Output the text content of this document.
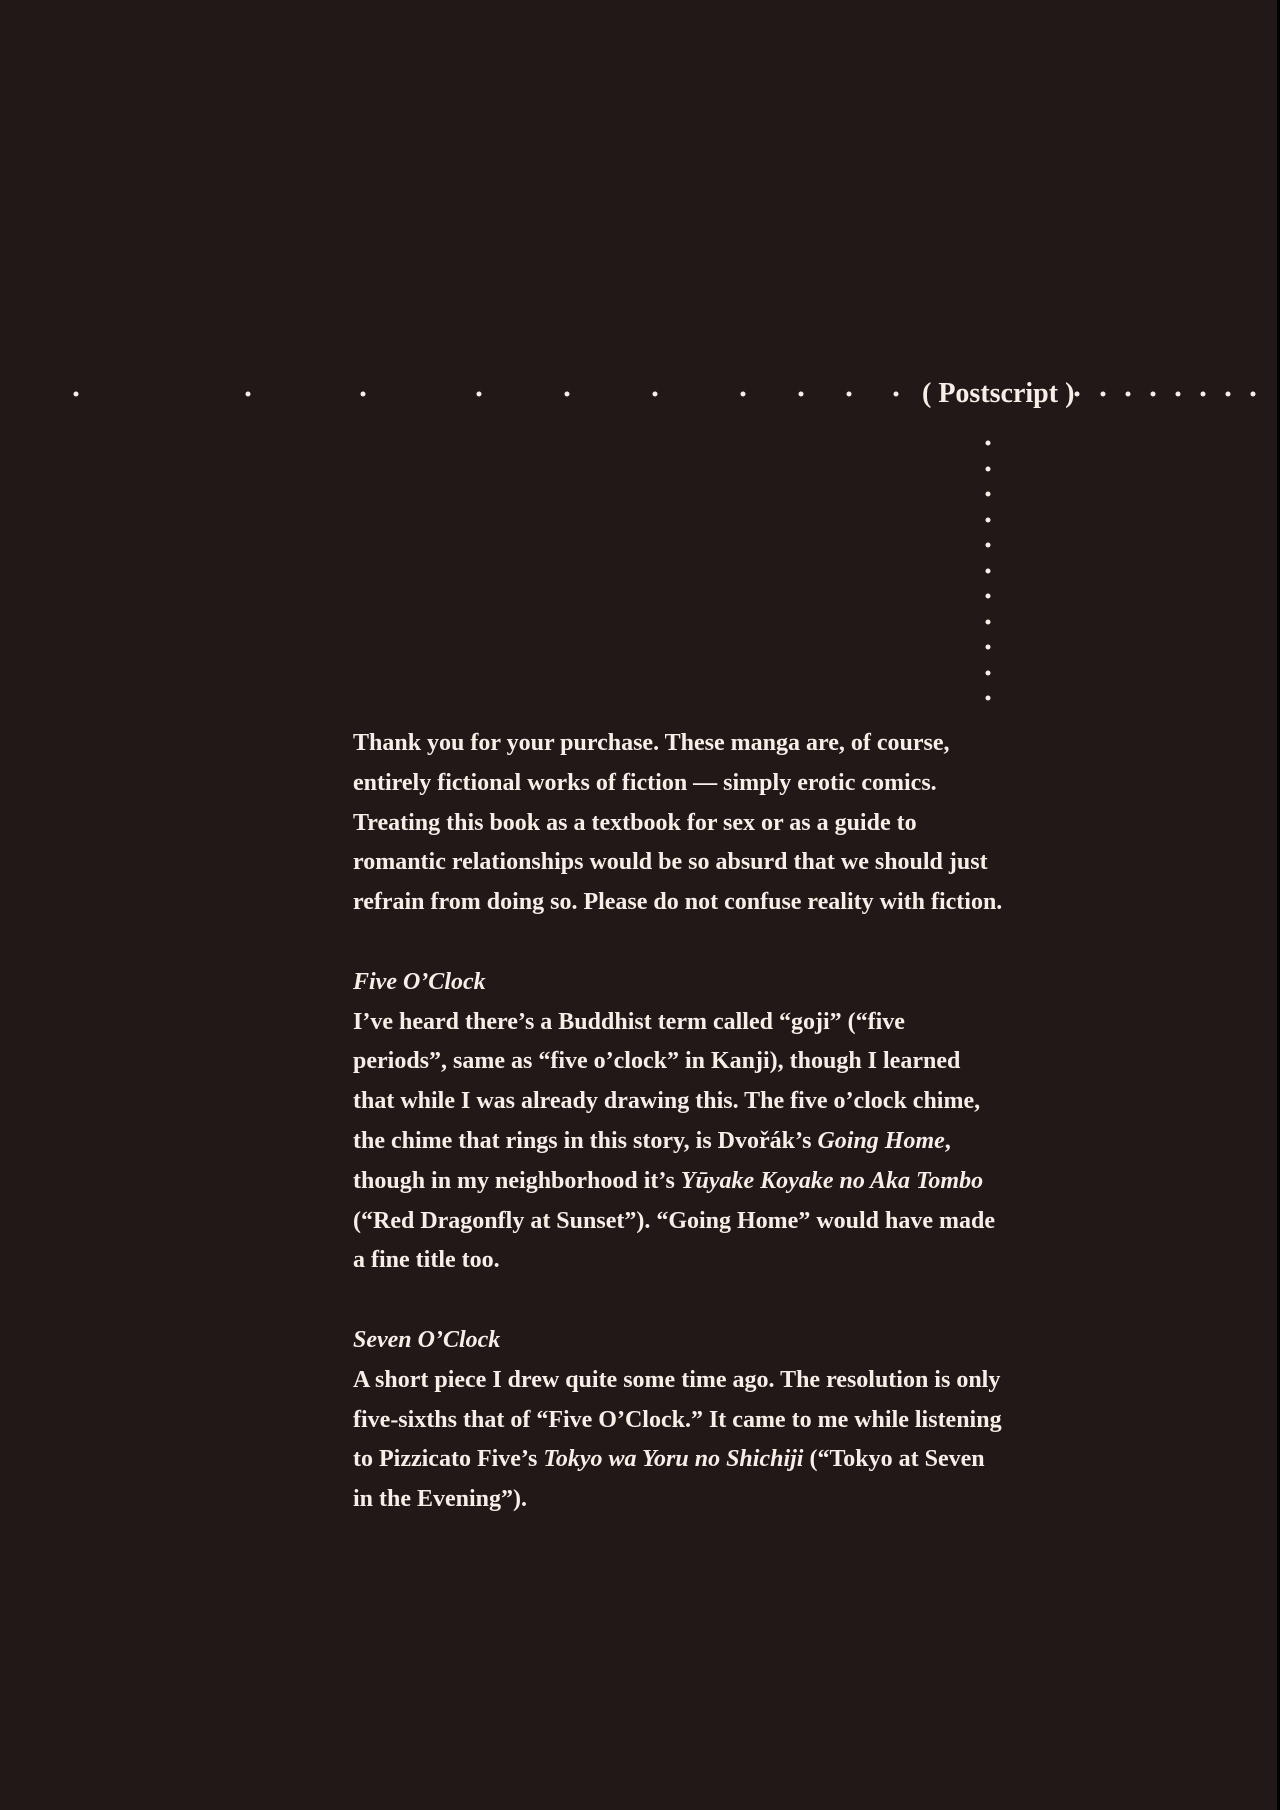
( Postscript )

Thank you for your purchase. These manga are, of course, entirely fictional works of fiction — simply erotic comics. Treating this book as a textbook for sex or as a guide to romantic relationships would be so absurd that we should just refrain from doing so. Please do not confuse reality with fiction.

Five O’Clock

I’ve heard there’s a Buddhist term called “goji” (“five periods”, same as “five o’clock” in Kanji), though I learned that while I was already drawing this. The five o’clock chime, the chime that rings in this story, is Dvořák’s Going Home, though in my neighborhood it’s Yūyake Koyake no Aka Tombo (“Red Dragonfly at Sunset”). “Going Home” would have made a fine title too.

Seven O’Clock

A short piece I drew quite some time ago. The resolution is only five-sixths that of “Five O’Clock.” It came to me while listening to Pizzicato Five’s Tokyo wa Yoru no Shichiji (“Tokyo at Seven in the Evening”).
